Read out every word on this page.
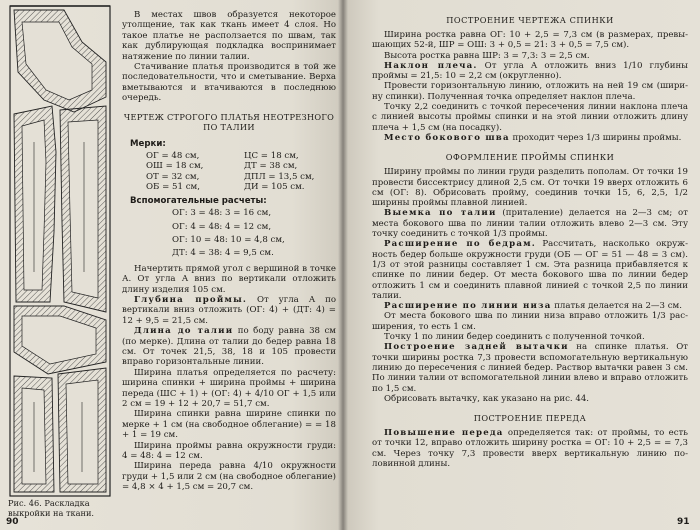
Рис. 46. Раскладка выкройки на ткани.

В местах швов образуется некоторое утолщение, так как ткань имеет 4 слоя. Но такое платье не расползается по швам, так как дублирующая подкладка воспринимает натяжение по линии талии.

Стачивание платья производится в той же последовательности, что и сметывание. Верха вметываются и втачиваются в последнюю очередь.

ЧЕРТЕЖ СТРОГОГО ПЛАТЬЯ НЕОТРЕЗНОГО ПО ТАЛИИ
Мерки:
ОГ = 48 см,	ЦС = 18 см,
ОШ = 18 см,	ДТ = 38 см,
ОТ = 32 см,	ДПЛ = 13,5 см,
ОБ = 51 см,	ДИ = 105 см.
Вспомогательные расчеты:
ОГ: 3 = 48: 3 = 16 см,
ОГ: 4 = 48: 4 = 12 см,
ОГ: 10 = 48: 10 = 4,8 см,
ДТ: 4 = 38: 4 = 9,5 см.

Начертить прямой угол с вершиной в точке А. От угла А вниз по вертикали отложить длину изделия 105 см.

Глубина проймы. От угла А по вертикали вниз отложить (ОГ: 4) + (ДТ: 4) = 12 + 9,5 = 21,5 см.

Длина до талии по боду равна 38 см (по мерке). Длина от талии до бедер равна 18 см. От точек 21,5, 38, 18 и 105 провести вправо горизонтальные линии.

Ширина платья определяется по расчету: ширина спинки + ширина проймы + ширина переда (ШС + 1) + (ОГ: 4) + 4/10 ОГ + 1,5 или 2 см = 19 + 12 + 20,7 = 51,7 см.

Ширина спинки равна ширине спинки по мерке + 1 см (на свободное облегание) = = 18 + 1 = 19 см.

Ширина проймы равна окружности груди: 4 = 48: 4 = 12 см.

Ширина переда равна 4/10 окружности груди + 1,5 или 2 см (на свободное облегание) = 4,8 × 4 + 1,5 см = 20,7 см.

90
ПОСТРОЕНИЕ ЧЕРТЕЖА СПИНКИ

Ширина ростка равна ОГ: 10 + 2,5 = 7,3 см (в размерах, превышающих 52-й, ШР = ОШ: 3 + 0,5 = 21: 3 + 0,5 = 7,5 см).

Высота ростка равна ШР: 3 = 7,3: 3 = 2,5 см.

Наклон плеча. От угла А отложить вниз 1/10 глубины проймы = 21,5: 10 = 2,2 см (округленно).

Провести горизонтальную линию, отложить на ней 19 см (ширину спинки). Полученная точка определяет наклон плеча.

Точку 2,2 соединить с точкой пересечения линии наклона плеча с линией высоты проймы спинки и на этой линии отложить длину плеча + 1,5 см (на посадку).

Место бокового шва проходит через 1/3 ширины проймы.

ОФОРМЛЕНИЕ ПРОЙМЫ СПИНКИ

Ширину проймы по линии груди разделить пополам. От точки 19 провести биссектрису длиной 2,5 см. От точки 19 вверх отложить 6 см (ОГ: 8). Обрисовать пройму, соединив точки 15, 6, 2,5, 1/2 ширины проймы плавной линией.

Выемка по талии (приталение) делается на 2—3 см; от места бокового шва по линии талии отложить влево 2—3 см. Эту точку соединить с точкой 1/3 проймы.

Расширение по бедрам. Рассчитать, насколько окружность бедер больше окружности груди (ОБ — ОГ = 51 — 48 = 3 см). 1/3 от этой разницы составляет 1 см. Эта разница прибавляется к спинке по линии бедер. От места бокового шва по линии бедер отложить 1 см и соединить плавной линией с точкой 2,5 по линии талии.

Расширение по линии низа платья делается на 2—3 см.

От места бокового шва по линии низа вправо отложить 1/3 расширения, то есть 1 см.

Точку 1 по линии бедер соединить с полученной точкой.

Построение задней вытачки на спинке платья. От точки ширины ростка 7,3 провести вспомогательную вертикальную линию до пересечения с линией бедер. Раствор вытачки равен 3 см. По линии талии от вспомогательной линии влево и вправо отложить по 1,5 см.

Обрисовать вытачку, как указано на рис. 44.

ПОСТРОЕНИЕ ПЕРЕДА

Повышение переда определяется так: от проймы, то есть от точки 12, вправо отложить ширину ростка = ОГ: 10 + 2,5 = = 7,3 см. Через точку 7,3 провести вверх вертикальную линию половинной длины.

91
